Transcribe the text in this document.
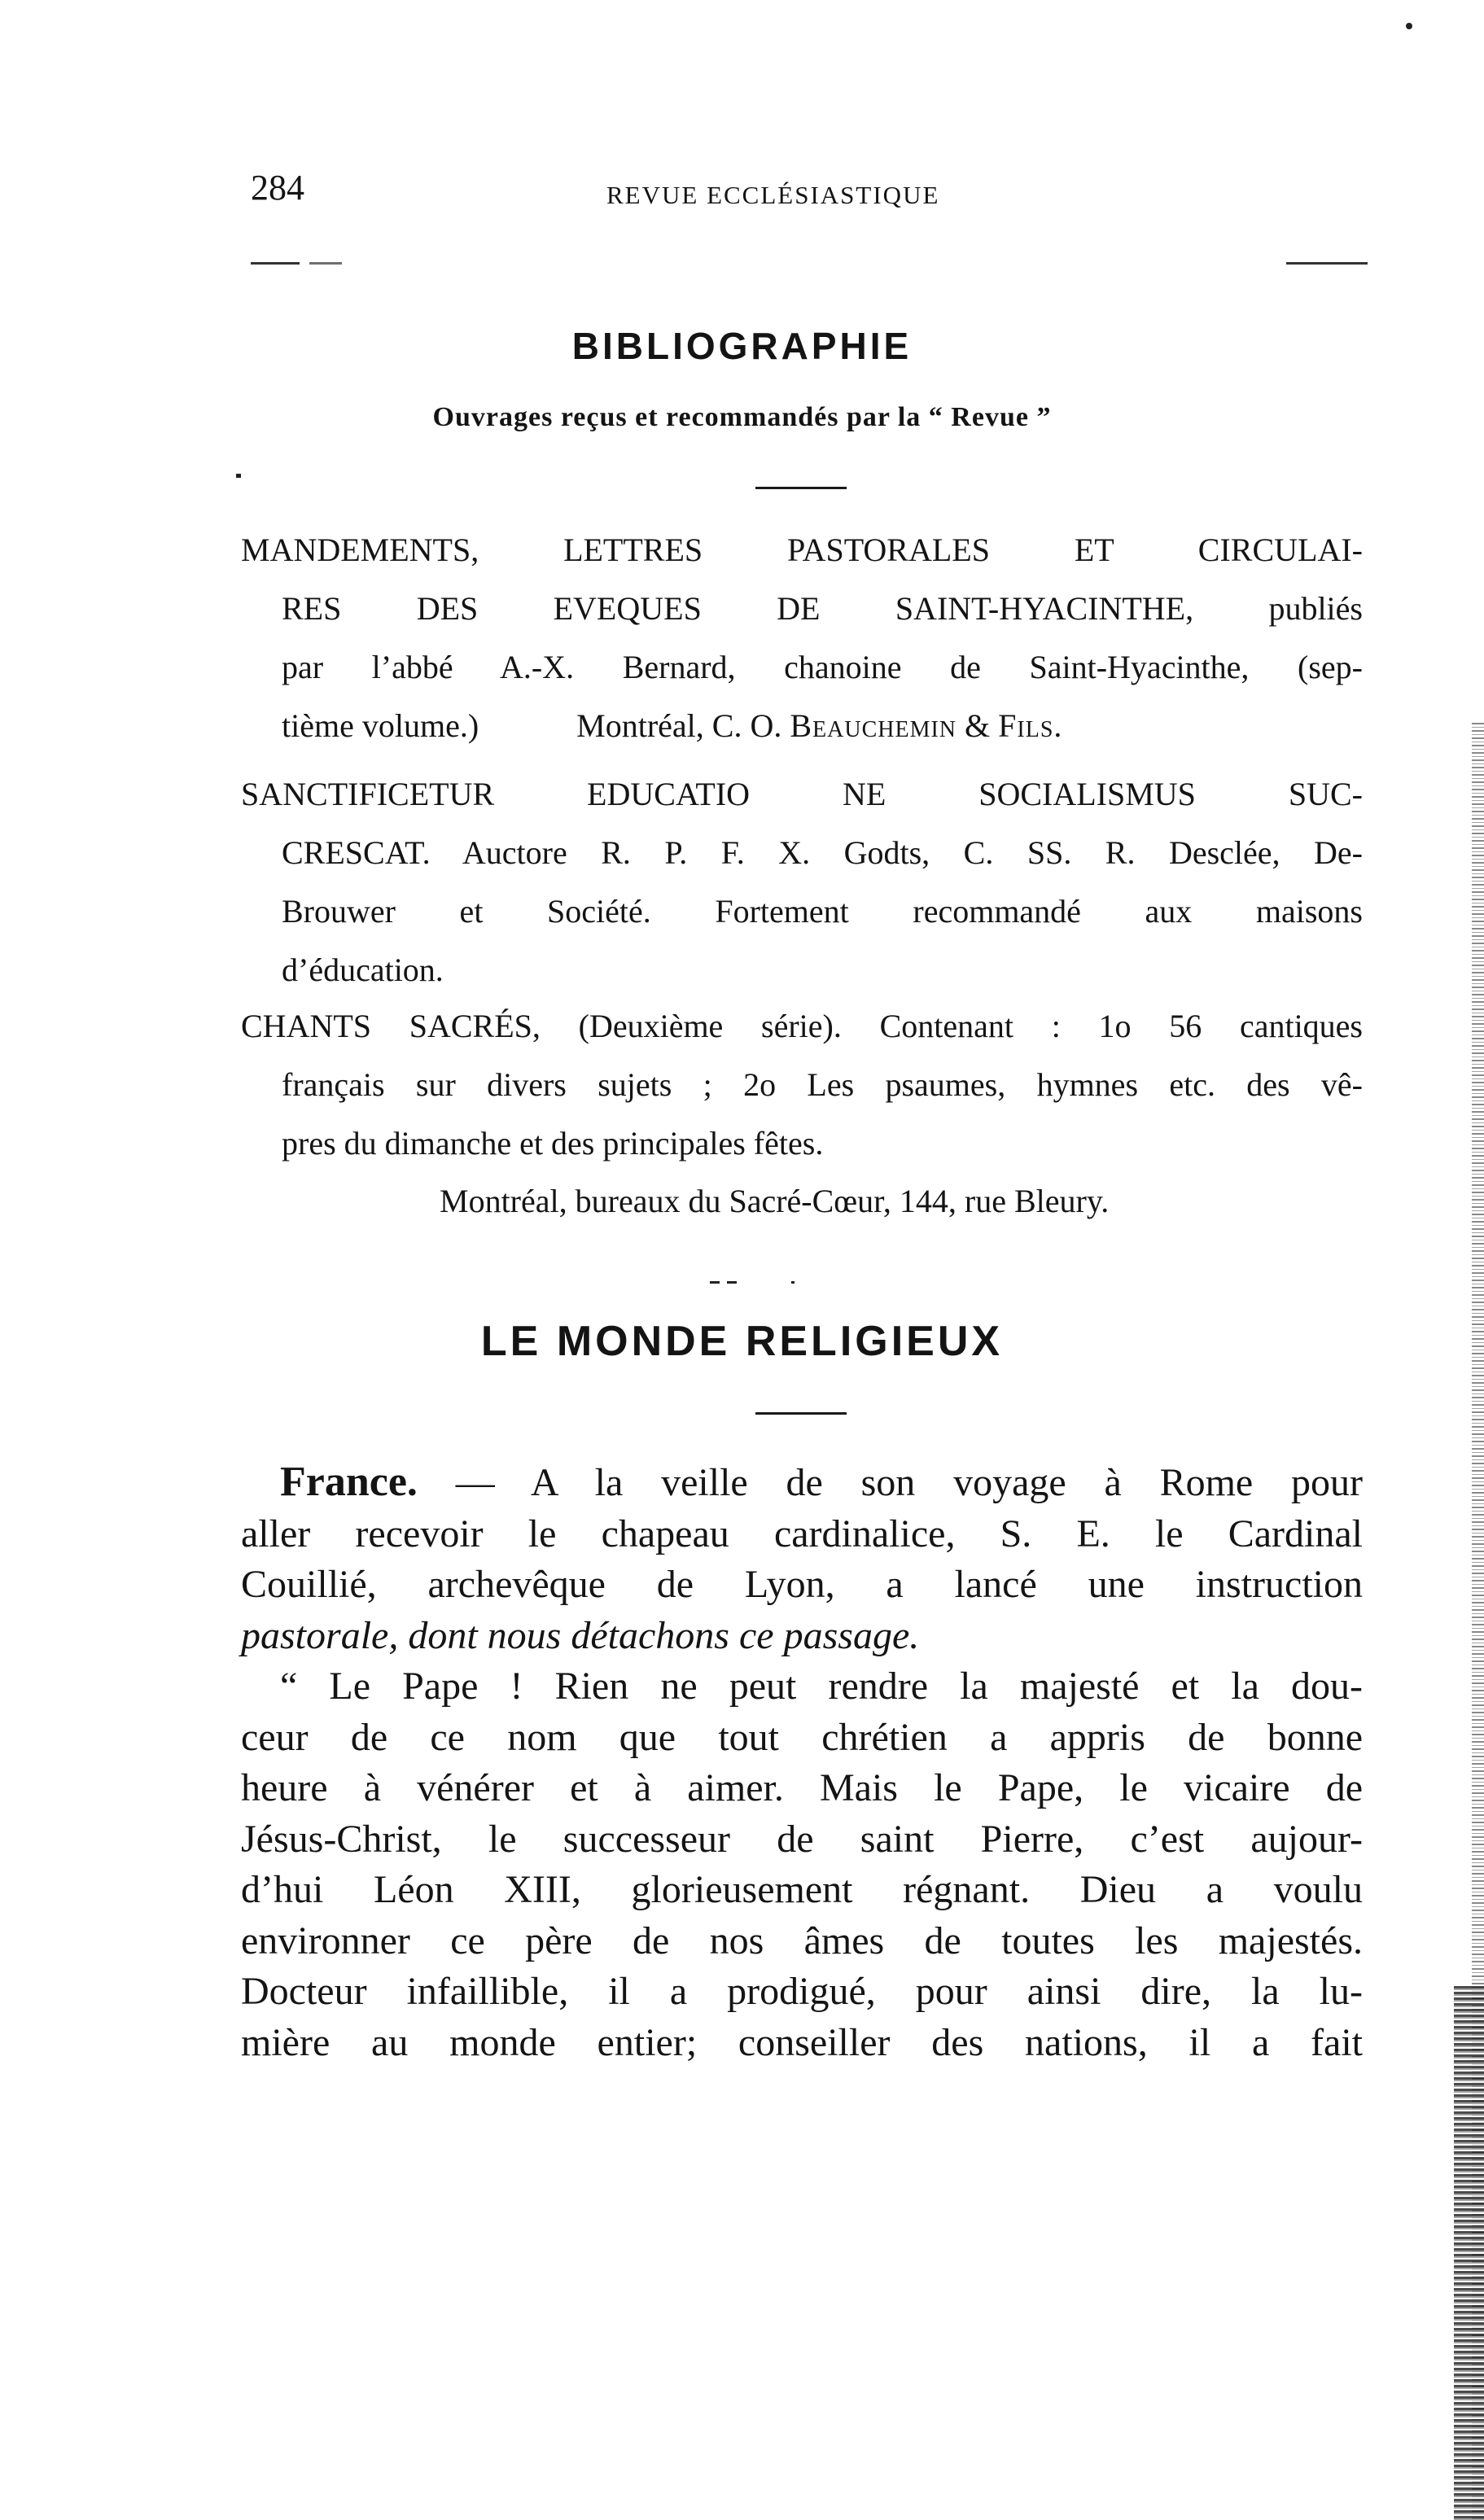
284	REVUE ECCLÉSIASTIQUE
BIBLIOGRAPHIE
Ouvrages reçus et recommandés par la “ Revue ”
MANDEMENTS, LETTRES PASTORALES ET CIRCULAI-
RES DES EVEQUES DE SAINT-HYACINTHE, publiés
par l’abbé A.-X. Bernard, chanoine de Saint-Hyacinthe, (sep-
tième volume.)	Montréal, C. O. Beauchemin & Fils.
SANCTIFICETUR EDUCATIO NE SOCIALISMUS SUC-
CRESCAT. Auctore R. P. F. X. Godts, C. SS. R. Desclée, De-
Brouwer et Société. Fortement recommandé aux maisons
d’éducation.
CHANTS SACRÉS, (Deuxième série). Contenant : 1o 56 cantiques
français sur divers sujets ; 2o Les psaumes, hymnes etc. des vê-
pres du dimanche et des principales fêtes.
Montréal, bureaux du Sacré-Cœur, 144, rue Bleury.
LE MONDE RELIGIEUX
France. — A la veille de son voyage à Rome pour
aller recevoir le chapeau cardinalice, S. E. le Cardinal
Couillié, archevêque de Lyon, a lancé une instruction
pastorale, dont nous détachons ce passage.
“ Le Pape ! Rien ne peut rendre la majesté et la dou-
ceur de ce nom que tout chrétien a appris de bonne
heure à vénérer et à aimer. Mais le Pape, le vicaire de
Jésus-Christ, le successeur de saint Pierre, c’est aujour-
d’hui Léon XIII, glorieusement régnant. Dieu a voulu
environner ce père de nos âmes de toutes les majestés.
Docteur infaillible, il a prodigué, pour ainsi dire, la lu-
mière au monde entier; conseiller des nations, il a fait
